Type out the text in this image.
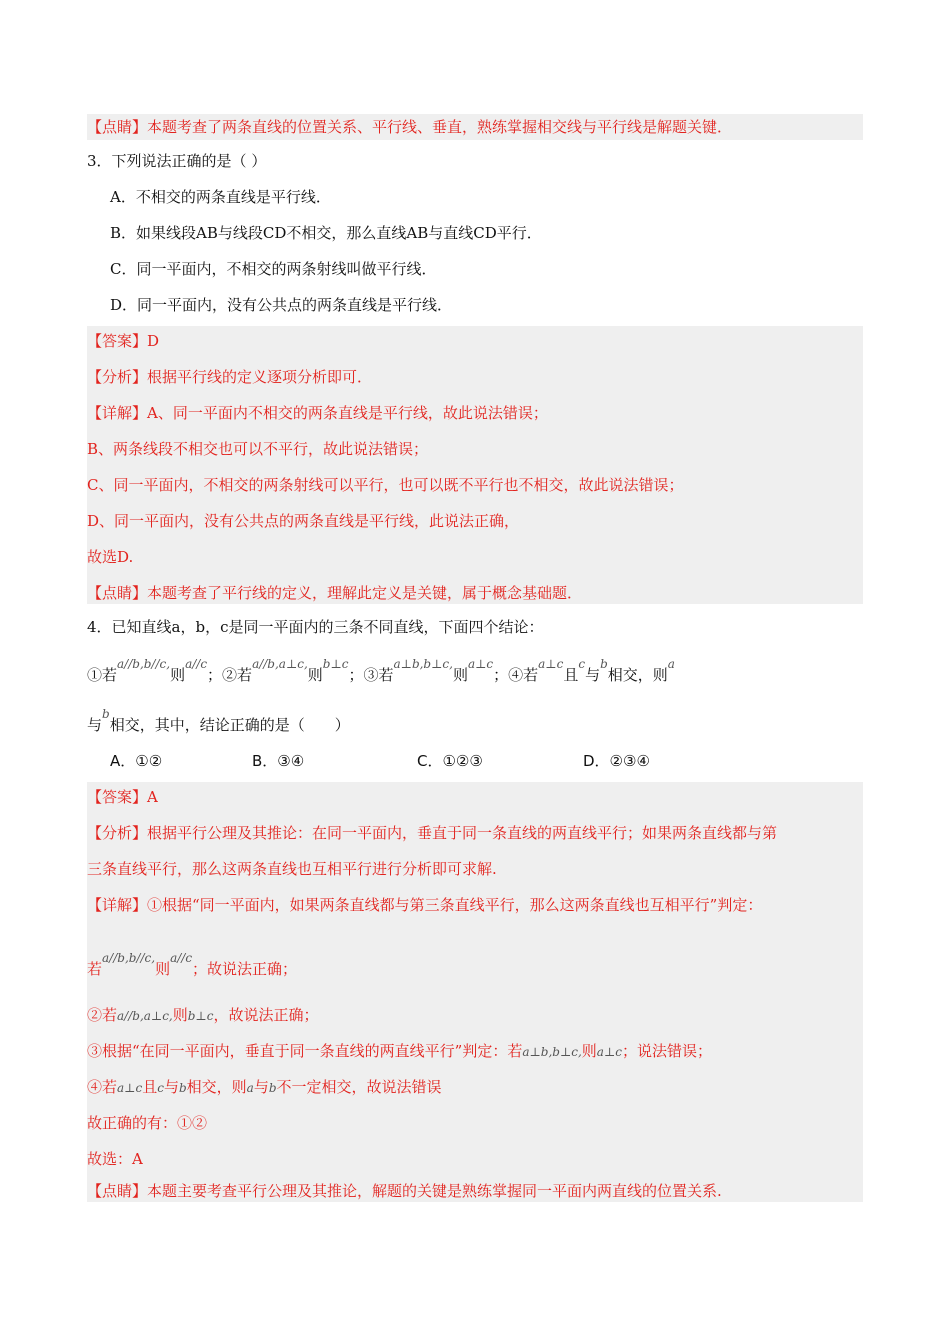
【点睛】本题考查了两条直线的位置关系、平行线、垂直，熟练掌握相交线与平行线是解题关键．
3．下列说法正确的是（ ）
A．不相交的两条直线是平行线．
B．如果线段AB与线段CD不相交，那么直线AB与直线CD平行．
C．同一平面内，不相交的两条射线叫做平行线．
D．同一平面内，没有公共点的两条直线是平行线．
【答案】D
【分析】根据平行线的定义逐项分析即可．
【详解】A、同一平面内不相交的两条直线是平行线，故此说法错误；
B、两条线段不相交也可以不平行，故此说法错误；
C、同一平面内，不相交的两条射线可以平行，也可以既不平行也不相交，故此说法错误；
D、同一平面内，没有公共点的两条直线是平行线，此说法正确，
故选D.
【点睛】本题考查了平行线的定义，理解此定义是关键，属于概念基础题．
4．已知直线a，b，c是同一平面内的三条不同直线，下面四个结论：
①若$^{a//b,b//c,}$则$^{a//c}$；②若$^{a//b,a\perp c,}$则$^{b\perp c}$；③若$^{a\perp b,b\perp c,}$则$^{a\perp c}$；④若$^{a\perp c}$且$^c$与$^b$相交，则$^a$
与$^b$相交，其中，结论正确的是（　　）
A．①②	B．③④	C．①②③	D．②③④
【答案】A
【分析】根据平行公理及其推论：在同一平面内，垂直于同一条直线的两直线平行；如果两条直线都与第
三条直线平行，那么这两条直线也互相平行进行分析即可求解.
【详解】①根据“同一平面内，如果两条直线都与第三条直线平行，那么这两条直线也互相平行”判定：
若$^{a//b,b//c,}$则$^{a//c}$；故说法正确；
②若a//b,a⊥c,则b⊥c，故说法正确；
③根据“在同一平面内，垂直于同一条直线的两直线平行”判定：若a⊥b,b⊥c,则a⊥c；说法错误；
④若a⊥c且c与b相交，则a与b不一定相交，故说法错误
故正确的有：①②
故选：A
【点睛】本题主要考查平行公理及其推论，解题的关键是熟练掌握同一平面内两直线的位置关系.
